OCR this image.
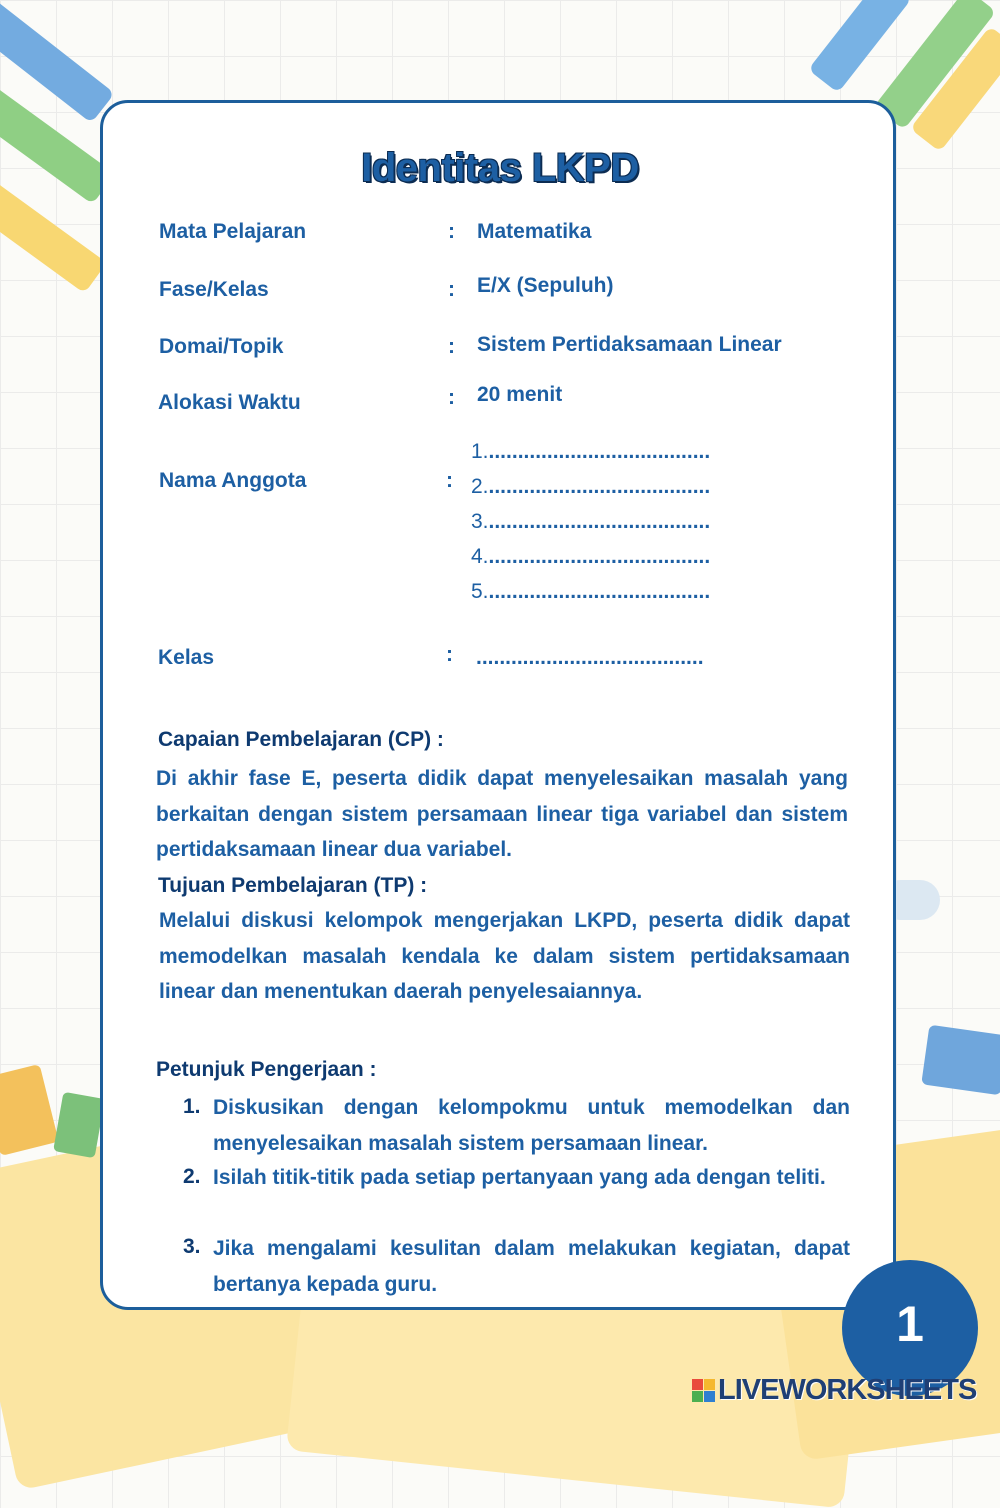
Identitas LKPD
Mata Pelajaran	: Matematika
Fase/Kelas	: E/X (Sepuluh)
Domai/Topik	: Sistem Pertidaksamaan Linear
Alokasi Waktu	: 20 menit
Nama Anggota	:
1.......................................
2.......................................
3.......................................
4.......................................
5.......................................
Kelas	: .......................................
Capaian Pembelajaran (CP) :

Di akhir fase E, peserta didik dapat menyelesaikan masalah yang berkaitan dengan sistem persamaan linear tiga variabel dan sistem pertidaksamaan linear dua variabel.

Tujuan Pembelajaran (TP) :

Melalui diskusi kelompok mengerjakan LKPD, peserta didik dapat memodelkan masalah kendala ke dalam sistem pertidaksamaan linear dan menentukan daerah penyelesaiannya.

Petunjuk Pengerjaan :
1. Diskusikan dengan kelompokmu untuk memodelkan dan menyelesaikan masalah sistem persamaan linear.

2. Isilah titik-titik pada setiap pertanyaan yang ada dengan teliti.

3. Jika mengalami kesulitan dalam melakukan kegiatan, dapat bertanya kepada guru.

1
LIVEWORKSHEETS
